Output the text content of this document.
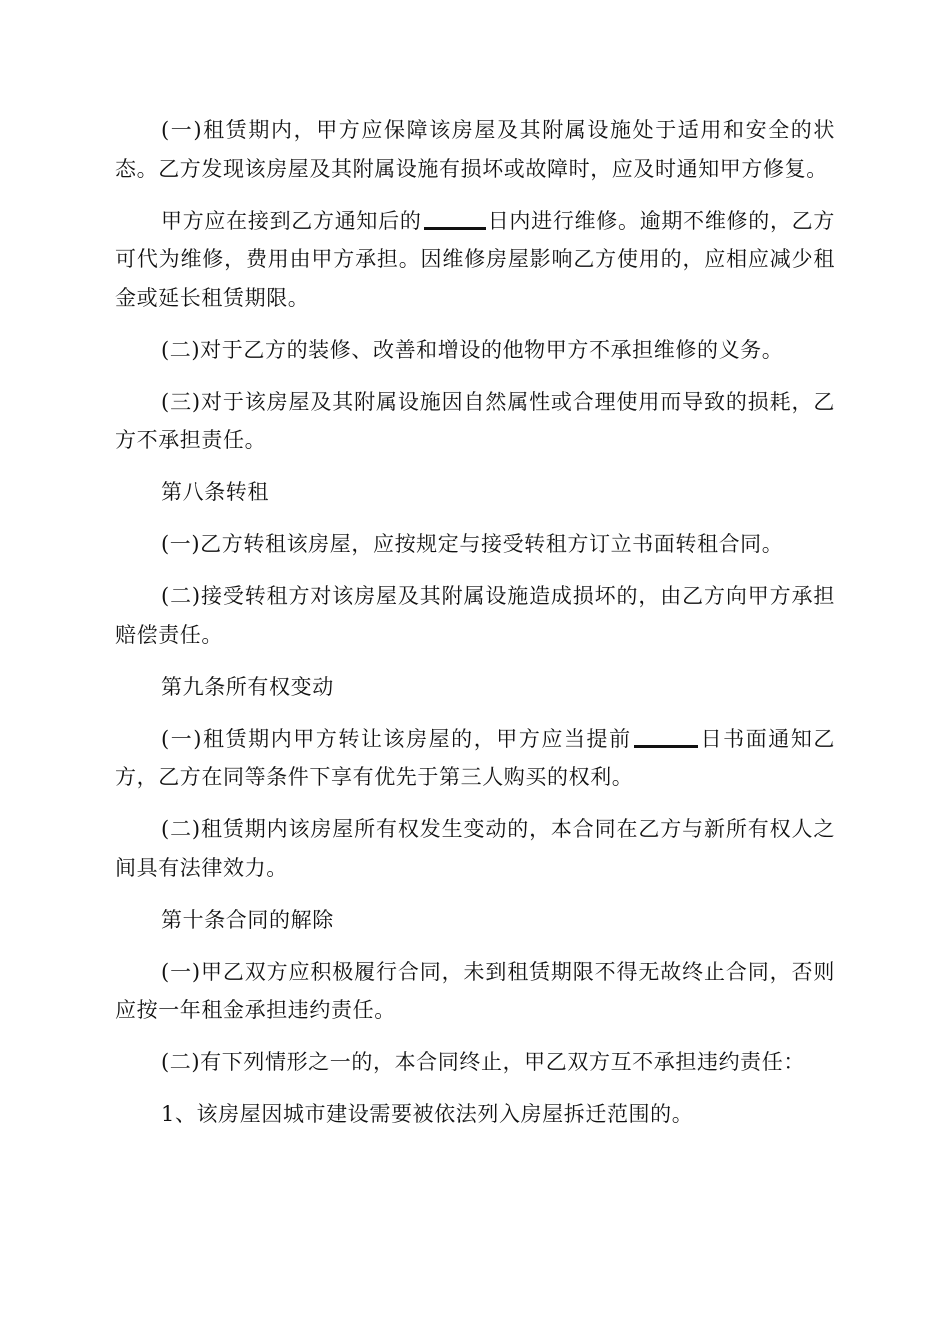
(一)租赁期内，甲方应保障该房屋及其附属设施处于适用和安全的状态。乙方发现该房屋及其附属设施有损坏或故障时，应及时通知甲方修复。

甲方应在接到乙方通知后的	日内进行维修。逾期不维修的，乙方可代为维修，费用由甲方承担。因维修房屋影响乙方使用的，应相应减少租金或延长租赁期限。

(二)对于乙方的装修、改善和增设的他物甲方不承担维修的义务。

(三)对于该房屋及其附属设施因自然属性或合理使用而导致的损耗，乙方不承担责任。

第八条转租

(一)乙方转租该房屋，应按规定与接受转租方订立书面转租合同。

(二)接受转租方对该房屋及其附属设施造成损坏的，由乙方向甲方承担赔偿责任。

第九条所有权变动

(一)租赁期内甲方转让该房屋的，甲方应当提前	日书面通知乙方，乙方在同等条件下享有优先于第三人购买的权利。

(二)租赁期内该房屋所有权发生变动的，本合同在乙方与新所有权人之间具有法律效力。

第十条合同的解除

(一)甲乙双方应积极履行合同，未到租赁期限不得无故终止合同，否则应按一年租金承担违约责任。

(二)有下列情形之一的，本合同终止，甲乙双方互不承担违约责任：

1、该房屋因城市建设需要被依法列入房屋拆迁范围的。
